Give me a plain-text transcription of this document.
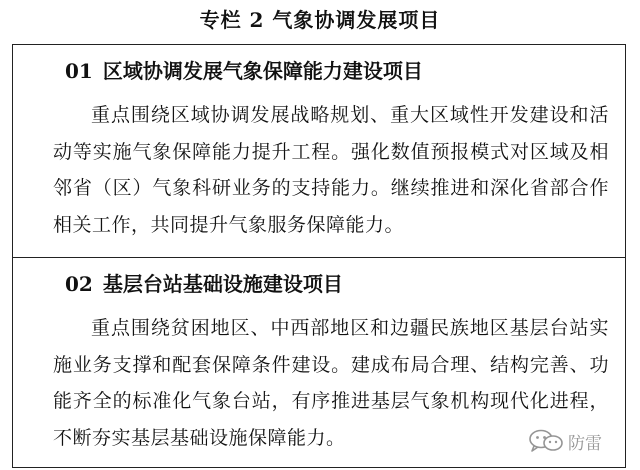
专栏 2 气象协调发展项目
01 区域协调发展气象保障能力建设项目
重点围绕区域协调发展战略规划、重大区域性开发建设和活动等实施气象保障能力提升工程。强化数值预报模式对区域及相邻省（区）气象科研业务的支持能力。继续推进和深化省部合作相关工作，共同提升气象服务保障能力。
02 基层台站基础设施建设项目
重点围绕贫困地区、中西部地区和边疆民族地区基层台站实施业务支撑和配套保障条件建设。建成布局合理、结构完善、功能齐全的标准化气象台站，有序推进基层气象机构现代化进程，不断夯实基层基础设施保障能力。	防雷
